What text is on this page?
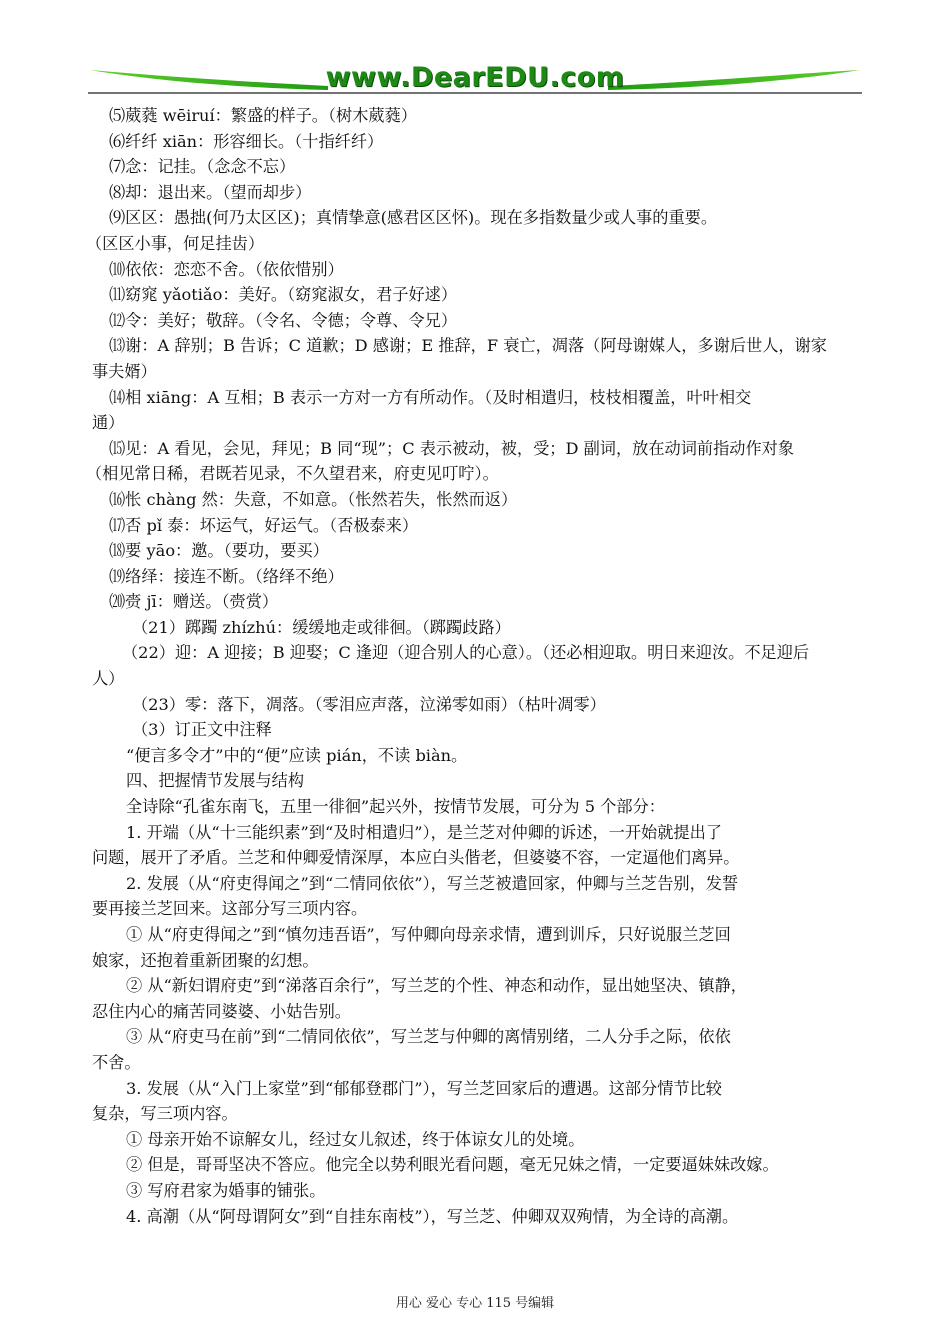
www.DearEDU.com
⑸葳蕤 wēiruí：繁盛的样子。（树木葳蕤）
⑹纤纤 xiān：形容细长。（十指纤纤）
⑺念：记挂。（念念不忘）
⑻却：退出来。（望而却步）
⑼区区：愚拙(何乃太区区)；真情挚意(感君区区怀)。现在多指数量少或人事的重要。
（区区小事，何足挂齿）
⑽依依：恋恋不舍。（依依惜别）
⑾窈窕 yǎotiǎo：美好。（窈窕淑女，君子好逑）
⑿令：美好；敬辞。（令名、令德；令尊、令兄）
⒀谢：A 辞别；B 告诉；C 道歉；D 感谢；E 推辞，F 衰亡，凋落（阿母谢媒人，多谢后世人，谢家
事夫婿）
⒁相 xiāng：A 互相；B 表示一方对一方有所动作。（及时相遣归，枝枝相覆盖，叶叶相交
通）
⒂见：A 看见，会见，拜见；B 同“现”；C 表示被动，被，受；D 副词，放在动词前指动作对象
（相见常日稀，君既若见录，不久望君来，府吏见叮咛）。
⒃怅 chàng 然：失意，不如意。（怅然若失，怅然而返）
⒄否 pǐ 泰：坏运气，好运气。（否极泰来）
⒅要 yāo：邀。（要功，要买）
⒆络绎：接连不断。（络绎不绝）
⒇赍 jī：赠送。（赍赏）
（21）踯躅 zhízhú：缓缓地走或徘徊。（踯躅歧路）
（22）迎：A 迎接；B 迎娶；C 逢迎（迎合别人的心意）。（还必相迎取。明日来迎汝。不足迎后
人）
（23）零：落下，凋落。（零泪应声落，泣涕零如雨）（枯叶凋零）
（3）订正文中注释
“便言多令才”中的“便”应读 pián，不读 biàn。
四、把握情节发展与结构
全诗除“孔雀东南飞，五里一徘徊”起兴外，按情节发展，可分为 5 个部分：
1. 开端（从“十三能织素”到“及时相遣归”），是兰芝对仲卿的诉述，一开始就提出了
问题，展开了矛盾。兰芝和仲卿爱情深厚，本应白头偕老，但婆婆不容，一定逼他们离异。
2. 发展（从“府吏得闻之”到“二情同依依”），写兰芝被遣回家，仲卿与兰芝告别，发誓
要再接兰芝回来。这部分写三项内容。
① 从“府吏得闻之”到“慎勿违吾语”，写仲卿向母亲求情，遭到训斥，只好说服兰芝回
娘家，还抱着重新团聚的幻想。
② 从“新妇谓府吏”到“涕落百余行”，写兰芝的个性、神态和动作，显出她坚决、镇静，
忍住内心的痛苦同婆婆、小姑告别。
③ 从“府吏马在前”到“二情同依依”，写兰芝与仲卿的离情别绪，二人分手之际，依依
不舍。
3. 发展（从“入门上家堂”到“郁郁登郡门”），写兰芝回家后的遭遇。这部分情节比较
复杂，写三项内容。
① 母亲开始不谅解女儿，经过女儿叙述，终于体谅女儿的处境。
② 但是，哥哥坚决不答应。他完全以势利眼光看问题，毫无兄妹之情，一定要逼妹妹改嫁。
③ 写府君家为婚事的铺张。
4. 高潮（从“阿母谓阿女”到“自挂东南枝”），写兰芝、仲卿双双殉情，为全诗的高潮。
用心 爱心 专心 115 号编辑
